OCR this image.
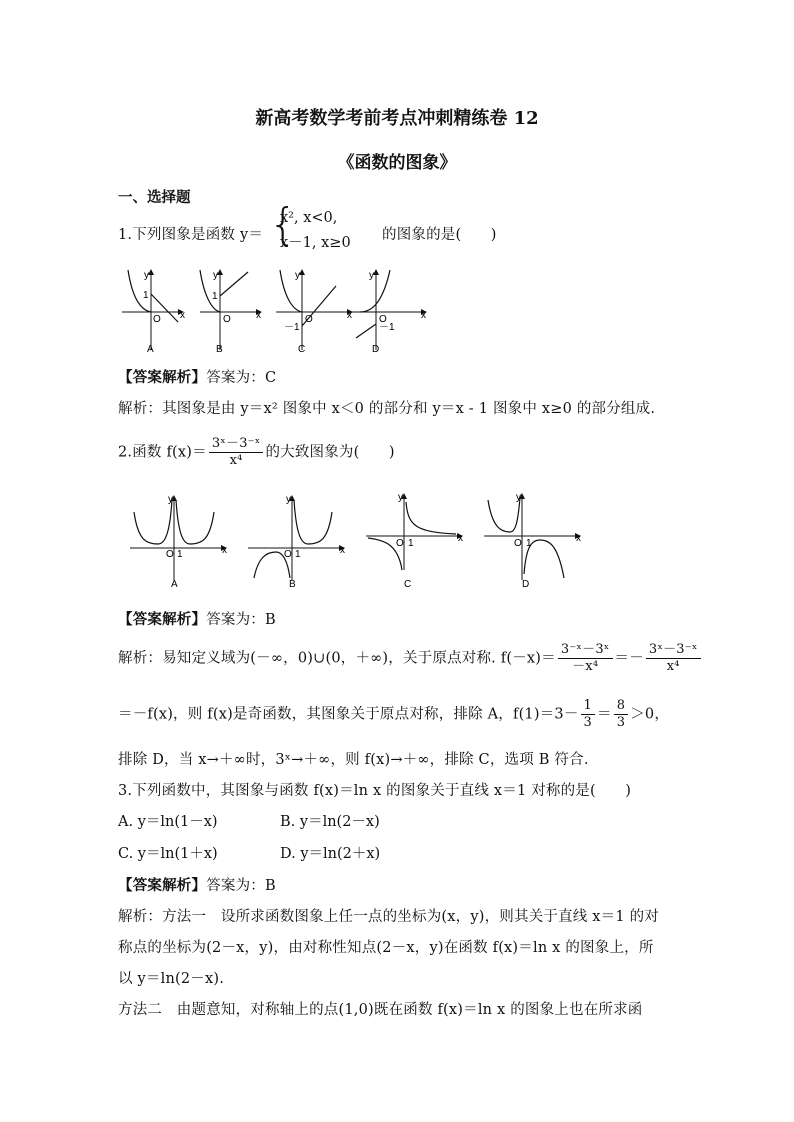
新高考数学考前考点冲刺精练卷 12
《函数的图象》
一、选择题
1.下列图象是函数 y＝ {
x², x<0,
x－1, x≥0 的图象的是(　　)
y
x
O
1
A
y
x
O
1
B
y
x
O
－1
C
y
x
O
－1
D
【答案解析】答案为：C
解析：其图象是由 y＝x² 图象中 x＜0 的部分和 y＝x - 1 图象中 x≥0 的部分组成.
2.函数 $f(x)= \frac{\text{3ˣ－3⁻ˣ}}{\text{x⁴}}$ 的大致图象为(　　)
y
x
O 1
A
y
x
O 1
B
y
x
O 1
C
y
x
O 1
D
【答案解析】答案为：B
解析：易知定义域为(－∞，0)∪(0，＋∞)，关于原点对称. $f(-x)= \frac{\text{3⁻ˣ－3ˣ}}{\text{－x⁴}} =- \frac{\text{3ˣ－3⁻ˣ}}{\text{x⁴}}$
＝－f(x)，则 f(x)是奇函数，其图象关于原点对称，排除 A，$f(1)=3- \frac{1}{3} = \frac{8}{3} >0$，
排除 D，当 x→＋∞时，3ˣ→＋∞，则 f(x)→＋∞，排除 C，选项 B 符合.
3.下列函数中，其图象与函数 f(x)＝ln x 的图象关于直线 x＝1 对称的是(　　)
A. y＝ln(1－x)	B. y＝ln(2－x)
C. y＝ln(1＋x)	D. y＝ln(2＋x)
【答案解析】答案为：B
解析：方法一　设所求函数图象上任一点的坐标为(x，y)，则其关于直线 x＝1 的对
称点的坐标为(2－x，y)，由对称性知点(2－x，y)在函数 f(x)＝ln x 的图象上，所
以 y＝ln(2－x).
方法二　由题意知，对称轴上的点(1,0)既在函数 f(x)＝ln x 的图象上也在所求函
